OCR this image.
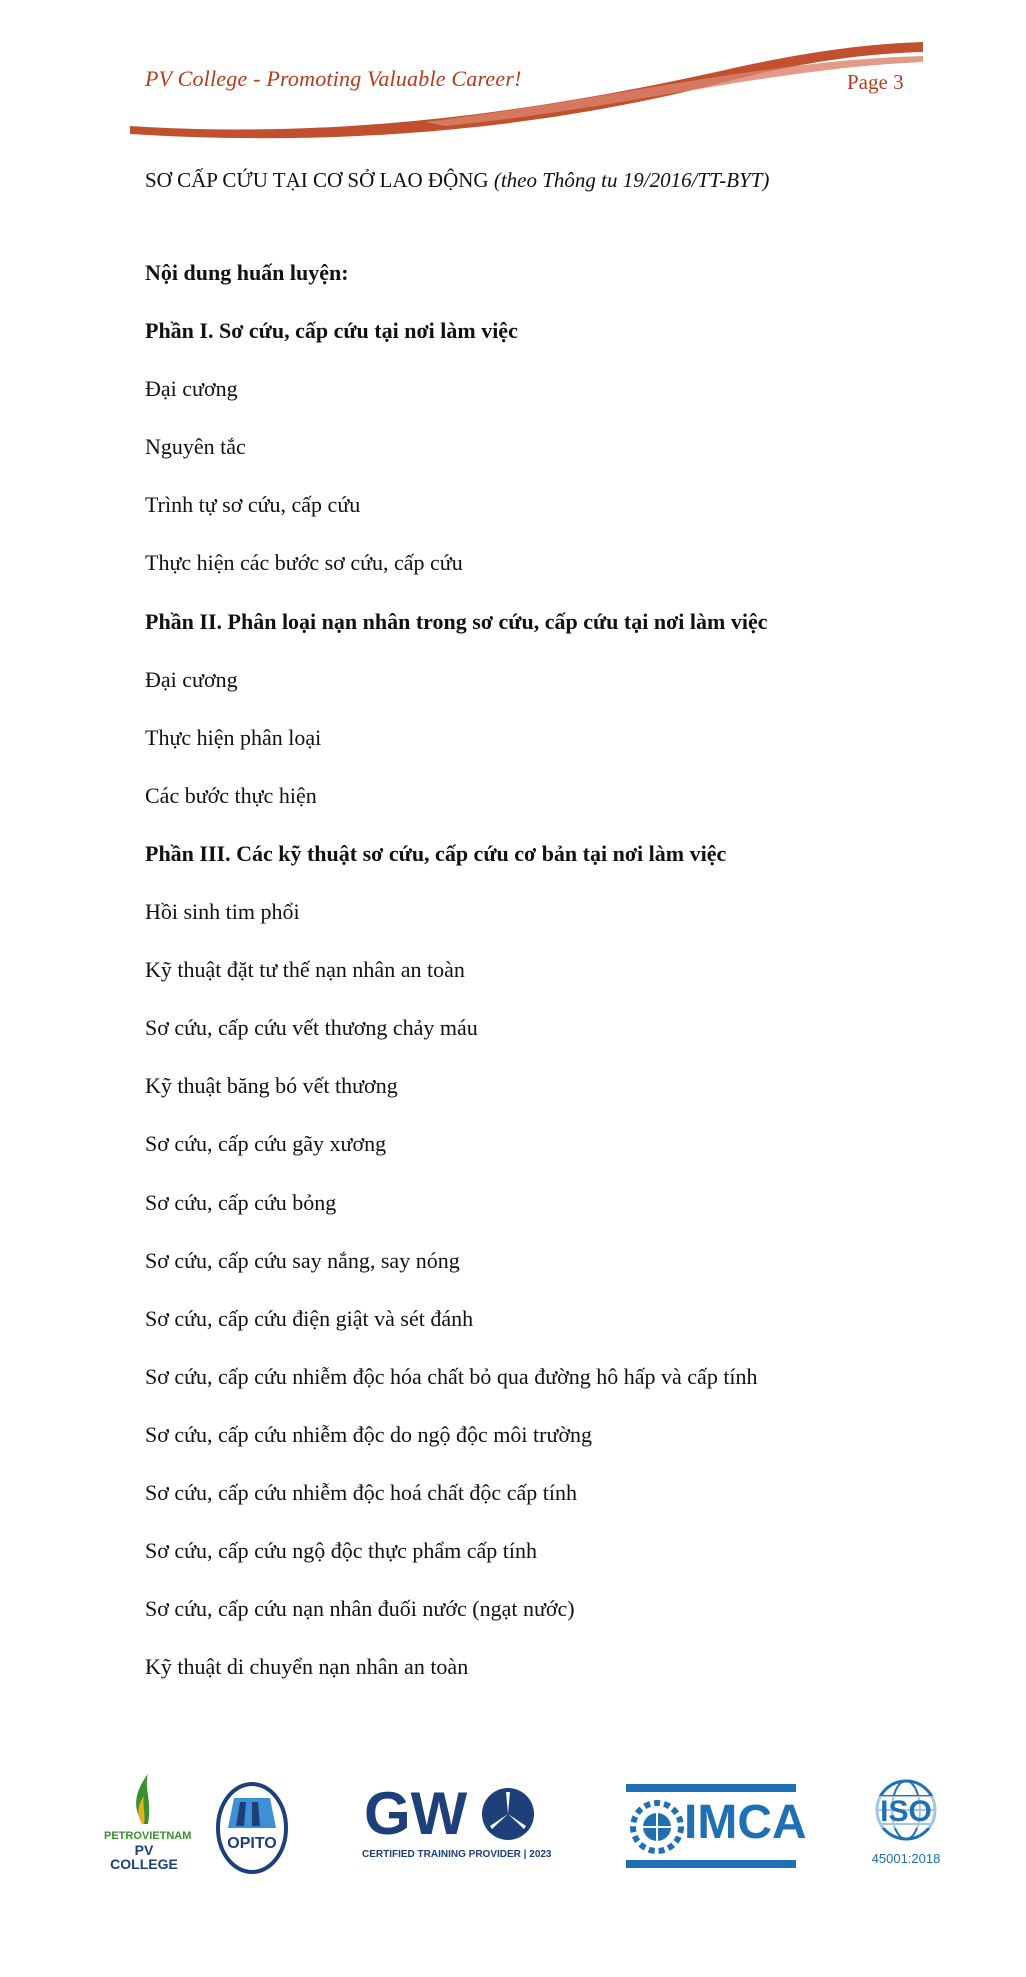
PV College - Promoting Valuable Career!	Page 3
SƠ CẤP CỨU TẠI CƠ SỞ LAO ĐỘNG (theo Thông tu 19/2016/TT-BYT)
Nội dung huấn luyện:
Phần I. Sơ cứu, cấp cứu tại nơi làm việc
Đại cương
Nguyên tắc
Trình tự sơ cứu, cấp cứu
Thực hiện các bước sơ cứu, cấp cứu
Phần II. Phân loại nạn nhân trong sơ cứu, cấp cứu tại nơi làm việc
Đại cương
Thực hiện phân loại
Các bước thực hiện
Phần III. Các kỹ thuật sơ cứu, cấp cứu cơ bản tại nơi làm việc
Hồi sinh tim phổi
Kỹ thuật đặt tư thế nạn nhân an toàn
Sơ cứu, cấp cứu vết thương chảy máu
Kỹ thuật băng bó vết thương
Sơ cứu, cấp cứu gãy xương
Sơ cứu, cấp cứu bỏng
Sơ cứu, cấp cứu say nắng, say nóng
Sơ cứu, cấp cứu điện giật và sét đánh
Sơ cứu, cấp cứu nhiễm độc hóa chất bỏ qua đường hô hấp và cấp tính
Sơ cứu, cấp cứu nhiễm độc do ngộ độc môi trường
Sơ cứu, cấp cứu nhiễm độc hoá chất độc cấp tính
Sơ cứu, cấp cứu ngộ độc thực phẩm cấp tính
Sơ cứu, cấp cứu nạn nhân đuối nước (ngạt nước)
Kỹ thuật di chuyển nạn nhân an toàn
PETROVIETNAM
PV COLLEGE
OPITO GW
CERTIFIED TRAINING PROVIDER | 2023
IMCA	ISO
45001:2018
